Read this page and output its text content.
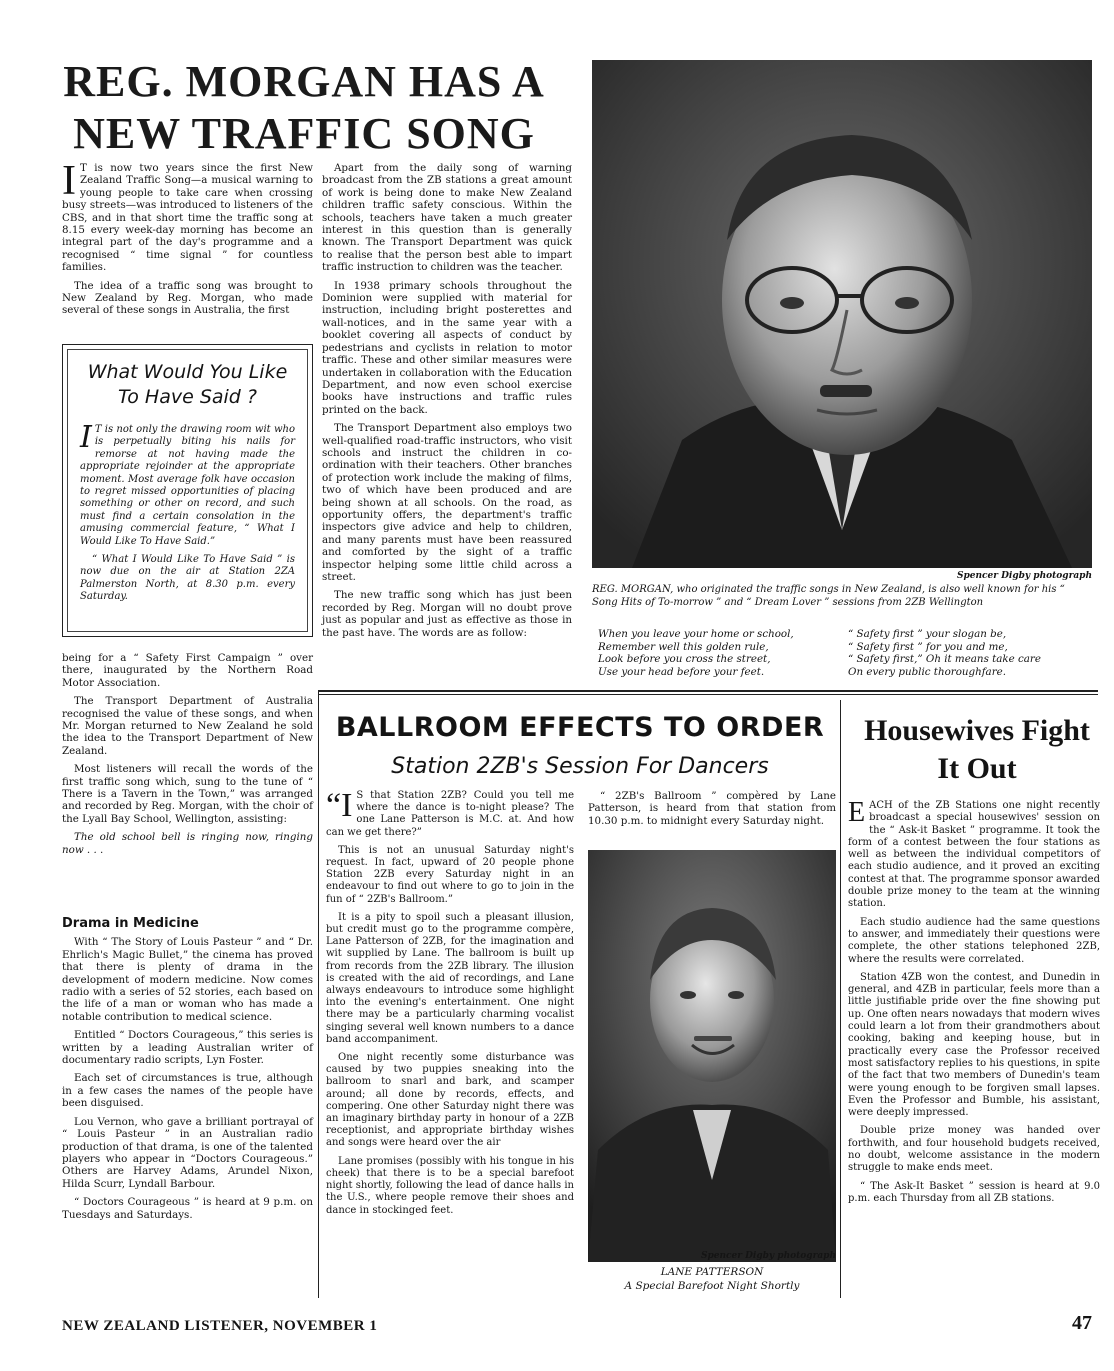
REG. MORGAN HAS A
NEW TRAFFIC SONG

I T is now two years since the first New Zealand Traffic Song—a musical warning to young people to take care when crossing busy streets—was introduced to listeners of the CBS, and in that short time the traffic song at 8.15 every week-day morning has become an integral part of the day's programme and a recognised “ time signal ” for countless families.

The idea of a traffic song was brought to New Zealand by Reg. Morgan, who made several of these songs in Australia, the first

What Would You Like
To Have Said ?

I T is not only the drawing room wit who is perpetually biting his nails for remorse at not having made the appropriate rejoinder at the appropriate moment. Most average folk have occasion to regret missed opportunities of placing something or other on record, and such must find a certain consolation in the amusing commercial feature, “ What I Would Like To Have Said.”

“ What I Would Like To Have Said ” is now due on the air at Station 2ZA Palmerston North, at 8.30 p.m. every Saturday.

being for a “ Safety First Campaign ” over there, inaugurated by the Northern Road Motor Association.

The Transport Department of Australia recognised the value of these songs, and when Mr. Morgan returned to New Zealand he sold the idea to the Transport Department of New Zealand.

Most listeners will recall the words of the first traffic song which, sung to the tune of “ There is a Tavern in the Town,” was arranged and recorded by Reg. Morgan, with the choir of the Lyall Bay School, Wellington, assisting:

The old school bell is ringing now, ringing now . . .

Drama in Medicine

With “ The Story of Louis Pasteur ” and “ Dr. Ehrlich's Magic Bullet,” the cinema has proved that there is plenty of drama in the development of modern medicine. Now comes radio with a series of 52 stories, each based on the life of a man or woman who has made a notable contribution to medical science.

Entitled “ Doctors Courageous,” this series is written by a leading Australian writer of documentary radio scripts, Lyn Foster.

Each set of circumstances is true, although in a few cases the names of the people have been disguised.

Lou Vernon, who gave a brilliant portrayal of “ Louis Pasteur ” in an Australian radio production of that drama, is one of the talented players who appear in “Doctors Courageous.” Others are Harvey Adams, Arundel Nixon, Hilda Scurr, Lyndall Barbour.

“ Doctors Courageous ” is heard at 9 p.m. on Tuesdays and Saturdays.

Apart from the daily song of warning broadcast from the ZB stations a great amount of work is being done to make New Zealand children traffic safety conscious. Within the schools, teachers have taken a much greater interest in this question than is generally known. The Transport Department was quick to realise that the person best able to impart traffic instruction to children was the teacher.

In 1938 primary schools throughout the Dominion were supplied with material for instruction, including bright posterettes and wall-notices, and in the same year with a booklet covering all aspects of conduct by pedestrians and cyclists in relation to motor traffic. These and other similar measures were undertaken in collaboration with the Education Department, and now even school exercise books have instructions and traffic rules printed on the back.

The Transport Department also employs two well-qualified road-traffic instructors, who visit schools and instruct the children in co-ordination with their teachers. Other branches of protection work include the making of films, two of which have been produced and are being shown at all schools. On the road, as opportunity offers, the department's traffic inspectors give advice and help to children, and many parents must have been reassured and comforted by the sight of a traffic inspector helping some little child across a street.

The new traffic song which has just been recorded by Reg. Morgan will no doubt prove just as popular and just as effective as those in the past have. The words are as follow:

Spencer Digby photograph
REG. MORGAN, who originated the traffic songs in New Zealand, is also well known for his “ Song Hits of To-morrow ” and “ Dream Lover ” sessions from 2ZB Wellington
When you leave your home or school,
Remember well this golden rule,
Look before you cross the street,
Use your head before your feet.
“ Safety first ” your slogan be,
“ Safety first ” for you and me,
“ Safety first,” Oh it means take care
On every public thoroughfare.
BALLROOM EFFECTS TO ORDER
Station 2ZB's Session For Dancers

“I S that Station 2ZB? Could you tell me where the dance is to-night please? The one Lane Patterson is M.C. at. And how can we get there?”

This is not an unusual Saturday night's request. In fact, upward of 20 people phone Station 2ZB every Saturday night in an endeavour to find out where to go to join in the fun of “ 2ZB's Ballroom.”

It is a pity to spoil such a pleasant illusion, but credit must go to the programme compère, Lane Patterson of 2ZB, for the imagination and wit supplied by Lane. The ballroom is built up from records from the 2ZB library. The illusion is created with the aid of recordings, and Lane always endeavours to introduce some highlight into the evening's entertainment. One night there may be a particularly charming vocalist singing several well known numbers to a dance band accompaniment.

One night recently some disturbance was caused by two puppies sneaking into the ballroom to snarl and bark, and scamper around; all done by records, effects, and compering. One other Saturday night there was an imaginary birthday party in honour of a 2ZB receptionist, and appropriate birthday wishes and songs were heard over the air

Lane promises (possibly with his tongue in his cheek) that there is to be a special barefoot night shortly, following the lead of dance halls in the U.S., where people remove their shoes and dance in stockinged feet.

“ 2ZB's Ballroom ” compèred by Lane Patterson, is heard from that station from 10.30 p.m. to midnight every Saturday night.

Spencer Digby photograph
LANE PATTERSON
A Special Barefoot Night Shortly
Housewives Fight
It Out

EACH of the ZB Stations one night recently broadcast a special housewives' session on the “ Ask-it Basket ” programme. It took the form of a contest between the four stations as well as between the individual competitors of each studio audience, and it proved an exciting contest at that. The programme sponsor awarded double prize money to the team at the winning station.

Each studio audience had the same questions to answer, and immediately their questions were complete, the other stations telephoned 2ZB, where the results were correlated.

Station 4ZB won the contest, and Dunedin in general, and 4ZB in particular, feels more than a little justifiable pride over the fine showing put up. One often nears nowadays that modern wives could learn a lot from their grandmothers about cooking, baking and keeping house, but in practically every case the Professor received most satisfactory replies to his questions, in spite of the fact that two members of Dunedin's team were young enough to be forgiven small lapses. Even the Professor and Bumble, his assistant, were deeply impressed.

Double prize money was handed over forthwith, and four household budgets received, no doubt, welcome assistance in the modern struggle to make ends meet.

“ The Ask-It Basket ” session is heard at 9.0 p.m. each Thursday from all ZB stations.

NEW ZEALAND LISTENER, NOVEMBER 1	47
